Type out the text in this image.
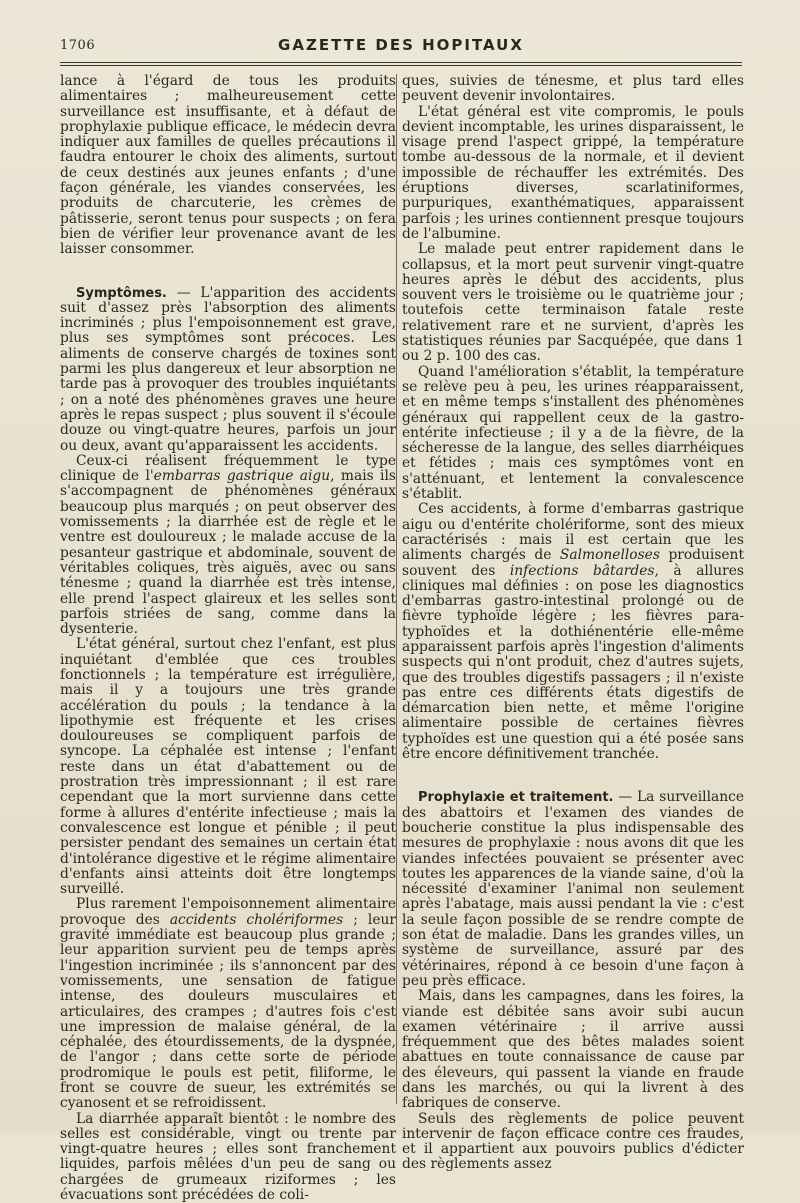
1706	GAZETTE DES HOPITAUX

lance à l'égard de tous les produits alimentaires ; malheureusement cette surveillance est insuffisante, et à défaut de prophylaxie publique efficace, le médecin devra indiquer aux familles de quelles précautions il faudra entourer le choix des aliments, surtout de ceux destinés aux jeunes enfants ; d'une façon générale, les viandes conservées, les produits de charcuterie, les crèmes de pâtisserie, seront tenus pour suspects ; on fera bien de vérifier leur provenance avant de les laisser consommer.

Symptômes. — L'apparition des accidents suit d'assez près l'absorption des aliments incriminés ; plus l'empoisonnement est grave, plus ses symptômes sont précoces. Les aliments de conserve chargés de toxines sont parmi les plus dangereux et leur absorption ne tarde pas à provoquer des troubles inquiétants ; on a noté des phénomènes graves une heure après le repas suspect ; plus souvent il s'écoule douze ou vingt-quatre heures, parfois un jour ou deux, avant qu'apparaissent les accidents.

Ceux-ci réalisent fréquemment le type clinique de l'embarras gastrique aigu, mais ils s'accompagnent de phénomènes généraux beaucoup plus marqués ; on peut observer des vomissements ; la diarrhée est de règle et le ventre est douloureux ; le malade accuse de la pesanteur gastrique et abdominale, souvent de véritables coliques, très aiguës, avec ou sans ténesme ; quand la diarrhée est très intense, elle prend l'aspect glaireux et les selles sont parfois striées de sang, comme dans la dysenterie.

L'état général, surtout chez l'enfant, est plus inquiétant d'emblée que ces troubles fonctionnels ; la température est irrégulière, mais il y a toujours une très grande accélération du pouls ; la tendance à la lipothymie est fréquente et les crises douloureuses se compliquent parfois de syncope. La céphalée est intense ; l'enfant reste dans un état d'abattement ou de prostration très impressionnant ; il est rare cependant que la mort survienne dans cette forme à allures d'entérite infectieuse ; mais la convalescence est longue et pénible ; il peut persister pendant des semaines un certain état d'intolérance digestive et le régime alimentaire d'enfants ainsi atteints doit être longtemps surveillé.

Plus rarement l'empoisonnement alimentaire provoque des accidents cholériformes ; leur gravité immédiate est beaucoup plus grande ; leur apparition survient peu de temps après l'ingestion incriminée ; ils s'annoncent par des vomissements, une sensation de fatigue intense, des douleurs musculaires et articulaires, des crampes ; d'autres fois c'est une impression de malaise général, de la céphalée, des étourdissements, de la dyspnée, de l'angor ; dans cette sorte de période prodromique le pouls est petit, filiforme, le front se couvre de sueur, les extrémités se cyanosent et se refroidissent.

La diarrhée apparaît bientôt : le nombre des selles est considérable, vingt ou trente par vingt-quatre heures ; elles sont franchement liquides, parfois mêlées d'un peu de sang ou chargées de grumeaux riziformes ; les évacuations sont précédées de coli-

ques, suivies de ténesme, et plus tard elles peuvent devenir involontaires.

L'état général est vite compromis, le pouls devient incomptable, les urines disparaissent, le visage prend l'aspect grippé, la température tombe au-dessous de la normale, et il devient impossible de réchauffer les extrémités. Des éruptions diverses, scarlatiniformes, purpuriques, exanthématiques, apparaissent parfois ; les urines contiennent presque toujours de l'albumine.

Le malade peut entrer rapidement dans le collapsus, et la mort peut survenir vingt-quatre heures après le début des accidents, plus souvent vers le troisième ou le quatrième jour ; toutefois cette terminaison fatale reste relativement rare et ne survient, d'après les statistiques réunies par Sacquépée, que dans 1 ou 2 p. 100 des cas.

Quand l'amélioration s'établit, la température se relève peu à peu, les urines réapparaissent, et en même temps s'installent des phénomènes généraux qui rappellent ceux de la gastro-entérite infectieuse ; il y a de la fièvre, de la sécheresse de la langue, des selles diarrhéiques et fétides ; mais ces symptômes vont en s'atténuant, et lentement la convalescence s'établit.

Ces accidents, à forme d'embarras gastrique aigu ou d'entérite cholériforme, sont des mieux caractérisés : mais il est certain que les aliments chargés de Salmonelloses produisent souvent des infections bâtardes, à allures cliniques mal définies : on pose les diagnostics d'embarras gastro-intestinal prolongé ou de fièvre typhoïde légère ; les fièvres para-typhoïdes et la dothiénentérie elle-même apparaissent parfois après l'ingestion d'aliments suspects qui n'ont produit, chez d'autres sujets, que des troubles digestifs passagers ; il n'existe pas entre ces différents états digestifs de démarcation bien nette, et même l'origine alimentaire possible de certaines fièvres typhoïdes est une question qui a été posée sans être encore définitivement tranchée.

Prophylaxie et traitement. — La surveillance des abattoirs et l'examen des viandes de boucherie constitue la plus indispensable des mesures de prophylaxie : nous avons dit que les viandes infectées pouvaient se présenter avec toutes les apparences de la viande saine, d'où la nécessité d'examiner l'animal non seulement après l'abatage, mais aussi pendant la vie : c'est la seule façon possible de se rendre compte de son état de maladie. Dans les grandes villes, un système de surveillance, assuré par des vétérinaires, répond à ce besoin d'une façon à peu près efficace.

Mais, dans les campagnes, dans les foires, la viande est débitée sans avoir subi aucun examen vétérinaire ; il arrive aussi fréquemment que des bêtes malades soient abattues en toute connaissance de cause par des éleveurs, qui passent la viande en fraude dans les marchés, ou qui la livrent à des fabriques de conserve.

Seuls des règlements de police peuvent intervenir de façon efficace contre ces fraudes, et il appartient aux pouvoirs publics d'édicter des règlements assez
